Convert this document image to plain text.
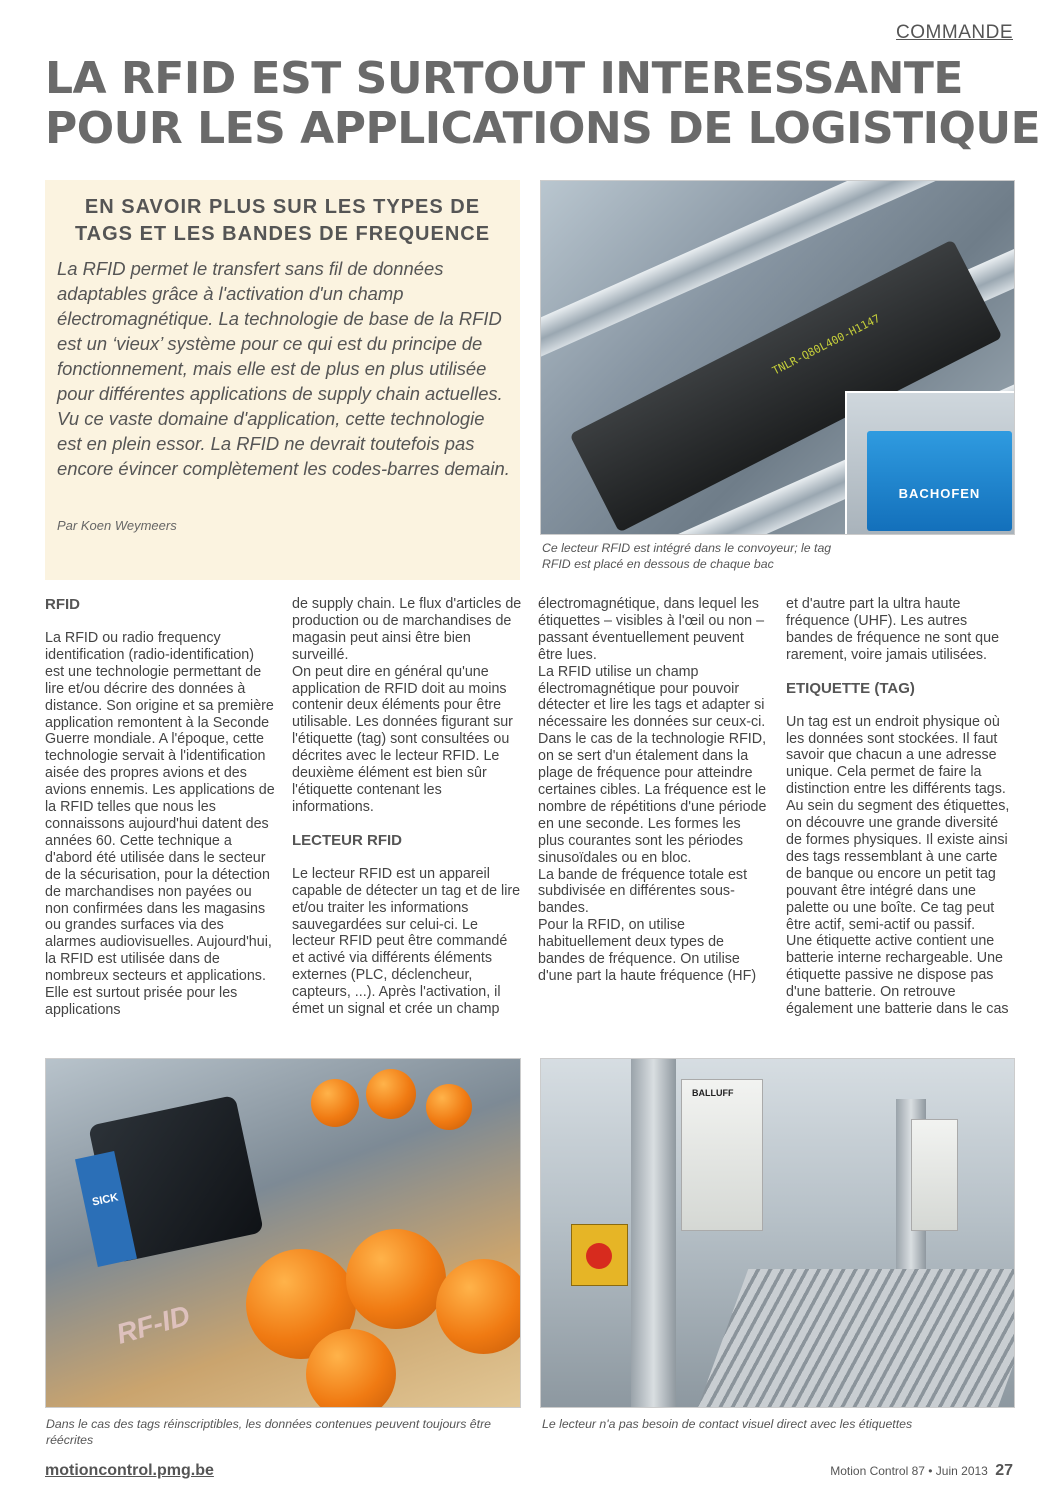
COMMANDE
LA RFID EST SURTOUT INTERESSANTE
POUR LES APPLICATIONS DE LOGISTIQUE
EN SAVOIR PLUS SUR LES TYPES DE
TAGS ET LES BANDES DE FREQUENCE
La RFID permet le transfert sans fil de données adaptables grâce à l'activation d'un champ électromagnétique. La technologie de base de la RFID est un ‘vieux’ système pour ce qui est du principe de fonctionnement, mais elle est de plus en plus utilisée pour différentes applications de supply chain actuelles. Vu ce vaste domaine d'application, cette technologie est en plein essor. La RFID ne devrait toutefois pas encore évincer complètement les codes-barres demain.
Par Koen Weymeers
TNLR-Q80L400-H1147
BACHOFEN
Ce lecteur RFID est intégré dans le convoyeur; le tag RFID est placé en dessous de chaque bac
RFID

La RFID ou radio frequency identification (radio-identification) est une technologie permettant de lire et/ou décrire des données à distance. Son origine et sa première application remontent à la Seconde Guerre mondiale. A l'époque, cette technologie servait à l'identification aisée des propres avions et des avions ennemis. Les applications de la RFID telles que nous les connaissons aujourd'hui datent des années 60. Cette technique a d'abord été utilisée dans le secteur de la sécurisation, pour la détection de marchandises non payées ou non confirmées dans les magasins ou grandes surfaces via des alarmes audiovisuelles. Aujourd'hui, la RFID est utilisée dans de nombreux secteurs et applications. Elle est surtout prisée pour les applications

de supply chain. Le flux d'articles de production ou de marchandises de magasin peut ainsi être bien surveillé.

On peut dire en général qu'une application de RFID doit au moins contenir deux éléments pour être utilisable. Les données figurant sur l'étiquette (tag) sont consultées ou décrites avec le lecteur RFID. Le deuxième élément est bien sûr l'étiquette contenant les informations.

LECTEUR RFID

Le lecteur RFID est un appareil capable de détecter un tag et de lire et/ou traiter les informations sauvegardées sur celui-ci. Le lecteur RFID peut être commandé et activé via différents éléments externes (PLC, déclencheur, capteurs, ...). Après l'activation, il émet un signal et crée un champ

électromagnétique, dans lequel les étiquettes – visibles à l'œil ou non – passant éventuellement peuvent être lues.

La RFID utilise un champ électromagnétique pour pouvoir détecter et lire les tags et adapter si nécessaire les données sur ceux-ci.

Dans le cas de la technologie RFID, on se sert d'un étalement dans la plage de fréquence pour atteindre certaines cibles. La fréquence est le nombre de répétitions d'une période en une seconde. Les formes les plus courantes sont les périodes sinusoïdales ou en bloc.

La bande de fréquence totale est subdivisée en différentes sous-bandes.

Pour la RFID, on utilise habituellement deux types de bandes de fréquence. On utilise d'une part la haute fréquence (HF)

et d'autre part la ultra haute fréquence (UHF). Les autres bandes de fréquence ne sont que rarement, voire jamais utilisées.

ETIQUETTE (TAG)

Un tag est un endroit physique où les données sont stockées. Il faut savoir que chacun a une adresse unique. Cela permet de faire la distinction entre les différents tags. Au sein du segment des étiquettes, on découvre une grande diversité de formes physiques. Il existe ainsi des tags ressemblant à une carte de banque ou encore un petit tag pouvant être intégré dans une palette ou une boîte. Ce tag peut être actif, semi-actif ou passif.

Une étiquette active contient une batterie interne rechargeable. Une étiquette passive ne dispose pas d'une batterie. On retrouve également une batterie dans le cas

SICK
RF-ID
BALLUFF
Dans le cas des tags réinscriptibles, les données contenues peuvent toujours être réécrites
Le lecteur n'a pas besoin de contact visuel direct avec les étiquettes
motioncontrol.pmg.be	Motion Control 87 • Juin 2013 27
